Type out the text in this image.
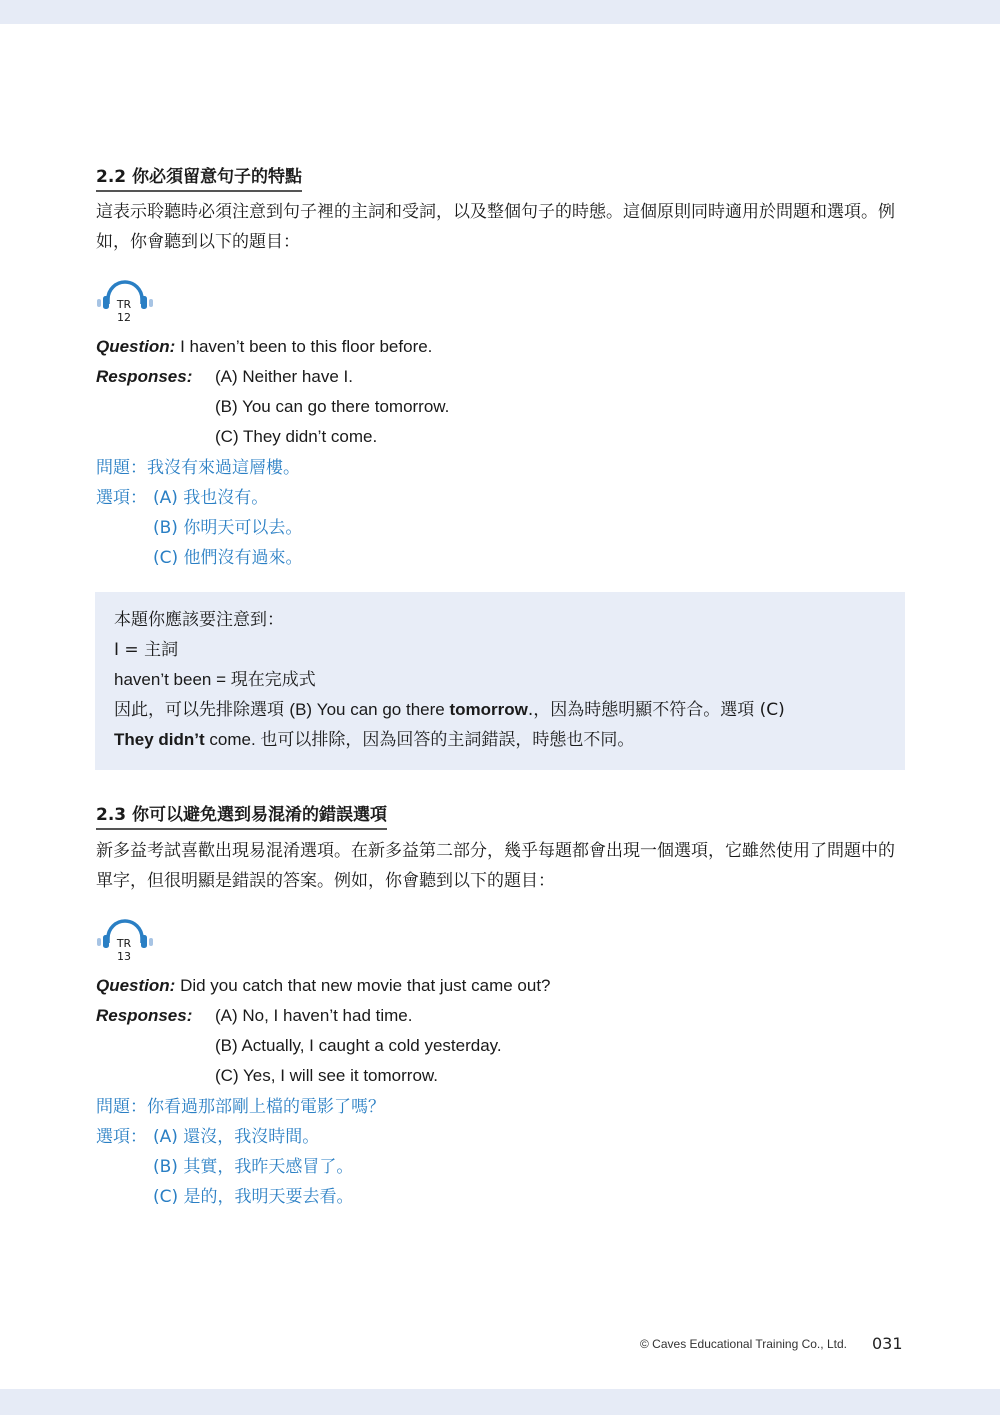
2.2 你必須留意句子的特點
這表示聆聽時必須注意到句子裡的主詞和受詞，以及整個句子的時態。這個原則同時適用於問題和選項。例如，你會聽到以下的題目：
TR
12
Question: I haven’t been to this floor before.
Responses: (A) Neither have I.
(B) You can go there tomorrow.
(C) They didn’t come.
問題：我沒有來過這層樓。
選項： (A) 我也沒有。
(B) 你明天可以去。
(C) 他們沒有過來。
本題你應該要注意到：
I = 主詞
haven’t been = 現在完成式
因此，可以先排除選項 (B) You can go there tomorrow.，因為時態明顯不符合。選項 (C)
They didn’t come. 也可以排除，因為回答的主詞錯誤，時態也不同。
2.3 你可以避免選到易混淆的錯誤選項
新多益考試喜歡出現易混淆選項。在新多益第二部分，幾乎每題都會出現一個選項，它雖然使用了問題中的單字，但很明顯是錯誤的答案。例如，你會聽到以下的題目：
TR
13
Question: Did you catch that new movie that just came out?
Responses: (A) No, I haven’t had time.
(B) Actually, I caught a cold yesterday.
(C) Yes, I will see it tomorrow.
問題：你看過那部剛上檔的電影了嗎？
選項： (A) 還沒，我沒時間。
(B) 其實，我昨天感冒了。
(C) 是的，我明天要去看。
© Caves Educational Training Co., Ltd. 031
